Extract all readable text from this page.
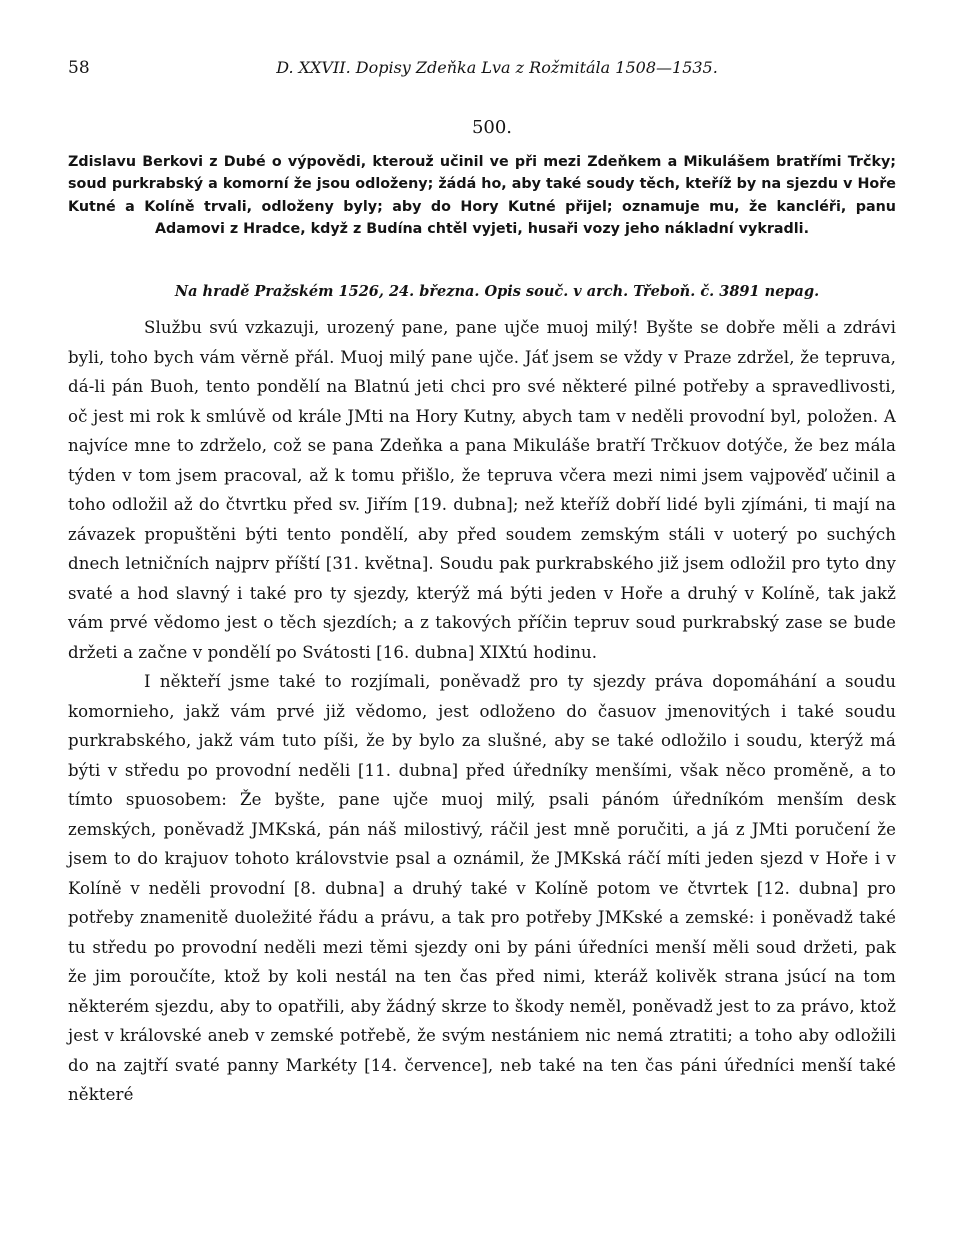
58	D. XXVII. Dopisy Zdeňka Lva z Rožmitála 1508—1535.
500.
Zdislavu Berkovi z Dubé o výpovědi, kterouž učinil ve při mezi Zdeňkem a Mikulášem bratřími Trčky; soud purkrabský a komorní že jsou odloženy; žádá ho, aby také soudy těch, kteříž by na sjezdu v Hoře Kutné a Kolíně trvali, odloženy byly; aby do Hory Kutné přijel; oznamuje mu, že kancléři, panu Adamovi z Hradce, když z Budína chtěl vyjeti, husaři vozy jeho nákladní vykradli.
Na hradě Pražském 1526, 24. března. Opis souč. v arch. Třeboň. č. 3891 nepag.

Službu svú vzkazuji, urozený pane, pane ujče muoj milý! Byšte se dobře měli a zdrávi byli, toho bych vám věrně přál. Muoj milý pane ujče. Jáť jsem se vždy v Praze zdržel, že tepruva, dá-li pán Buoh, tento pondělí na Blatnú jeti chci pro své některé pilné potřeby a spravedlivosti, oč jest mi rok k smlúvě od krále JMti na Hory Kutny, abych tam v neděli provodní byl, položen. A najvíce mne to zdrželo, což se pana Zdeňka a pana Mikuláše bratří Trčkuov dotýče, že bez mála týden v tom jsem pracoval, až k tomu přišlo, že tepruva včera mezi nimi jsem vajpověď učinil a toho odložil až do čtvrtku před sv. Jiřím [19. dubna]; než kteříž dobří lidé byli zjímáni, ti mají na závazek propuštěni býti tento pondělí, aby před soudem zemským stáli v uoterý po suchých dnech letničních najprv příští [31. května]. Soudu pak purkrabského již jsem odložil pro tyto dny svaté a hod slavný i také pro ty sjezdy, kterýž má býti jeden v Hoře a druhý v Kolíně, tak jakž vám prvé vědomo jest o těch sjezdích; a z takových příčin tepruv soud purkrabský zase se bude držeti a začne v pondělí po Svátosti [16. dubna] XIXtú hodinu.

I někteří jsme také to rozjímali, poněvadž pro ty sjezdy práva dopomáhání a soudu komornieho, jakž vám prvé již vědomo, jest odloženo do časuov jmenovitých i také soudu purkrabského, jakž vám tuto píši, že by bylo za slušné, aby se také odložilo i soudu, kterýž má býti v středu po provodní neděli [11. dubna] před úředníky menšími, však něco proměně, a to tímto spuosobem: Že byšte, pane ujče muoj milý, psali pánóm úředníkóm menším desk zemských, poněvadž JMKská, pán náš milostivý, ráčil jest mně poručiti, a já z JMti poručení že jsem to do krajuov tohoto královstvie psal a oznámil, že JMKská ráčí míti jeden sjezd v Hoře i v Kolíně v neděli provodní [8. dubna] a druhý také v Kolíně potom ve čtvrtek [12. dubna] pro potřeby znamenitě duoležité řádu a právu, a tak pro potřeby JMKské a zemské: i poněvadž také tu středu po provodní neděli mezi těmi sjezdy oni by páni úředníci menší měli soud držeti, pak že jim poroučíte, ktož by koli nestál na ten čas před nimi, kteráž kolivěk strana jsúcí na tom některém sjezdu, aby to opatřili, aby žádný skrze to škody neměl, poněvadž jest to za právo, ktož jest v královské aneb v zemské potřebě, že svým nestániem nic nemá ztratiti; a toho aby odložili do na zajtří svaté panny Markéty [14. července], neb také na ten čas páni úředníci menší také některé
